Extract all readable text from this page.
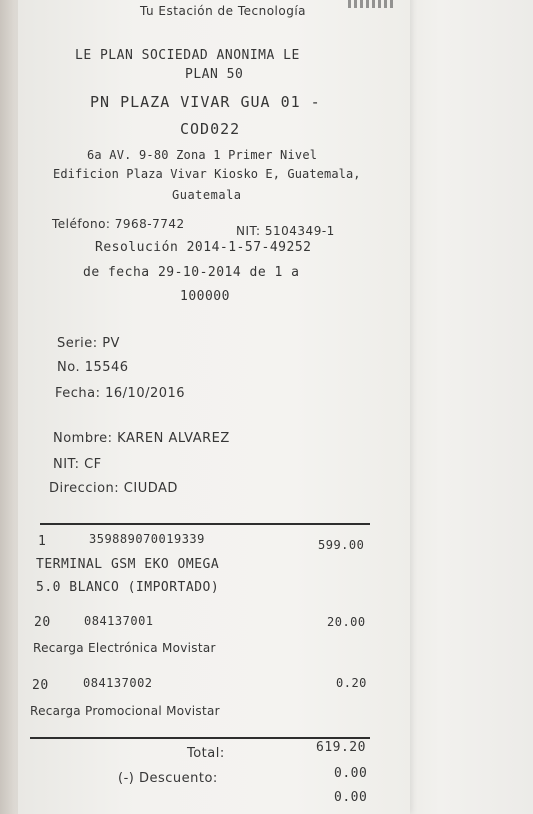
Tu Estación de Tecnología
LE PLAN SOCIEDAD ANONIMA LE
PLAN 50
PN PLAZA VIVAR GUA 01 -
COD022
6a AV. 9-80 Zona 1 Primer Nivel
Edificion Plaza Vivar Kiosko E, Guatemala,
Guatemala
Teléfono: 7968-7742	NIT: 5104349-1
Resolución 2014-1-57-49252
de fecha 29-10-2014 de 1 a
100000
Serie: PV
No. 15546
Fecha: 16/10/2016
Nombre: KAREN ALVAREZ
NIT: CF
Direccion: CIUDAD
1	359889070019339	599.00
TERMINAL GSM EKO OMEGA
5.0 BLANCO (IMPORTADO)
20	084137001	20.00
Recarga Electrónica Movistar
20	084137002	0.20
Recarga Promocional Movistar
Total:	619.20
(-) Descuento:	0.00
0.00
